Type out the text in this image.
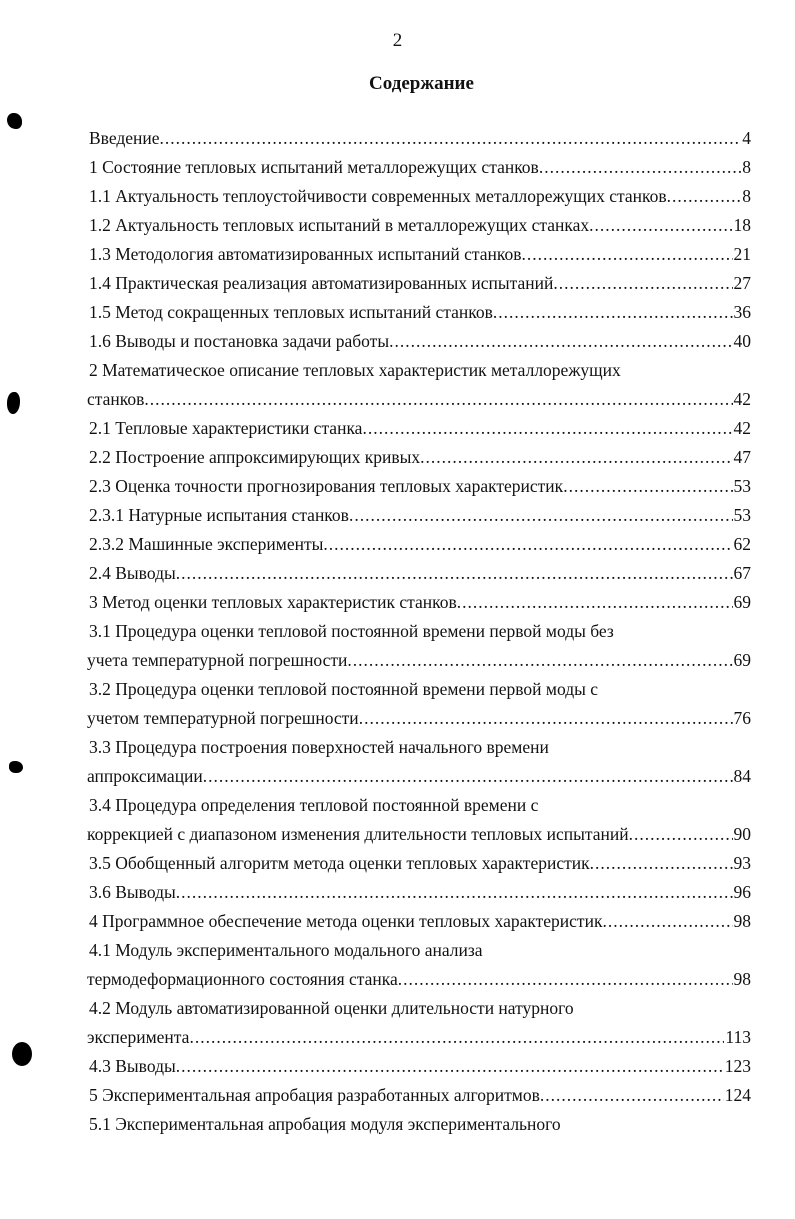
2
Содержание
Введение .....	4
1 Состояние тепловых испытаний металлорежущих станков .....	8
1.1 Актуальность теплоустойчивости современных металлорежущих станков .....	8
1.2 Актуальность тепловых испытаний в металлорежущих станках .....	18
1.3 Методология автоматизированных испытаний станков .....	21
1.4 Практическая реализация автоматизированных испытаний .....	27
1.5 Метод сокращенных тепловых испытаний станков .....	36
1.6 Выводы и постановка задачи работы .....	40
2 Математическое описание тепловых характеристик металлорежущих
станков .....	42
2.1 Тепловые характеристики станка .....	42
2.2 Построение аппроксимирующих кривых .....	47
2.3 Оценка точности прогнозирования тепловых характеристик .....	53
2.3.1 Натурные испытания станков .....	53
2.3.2 Машинные эксперименты .....	62
2.4 Выводы .....	67
3 Метод оценки тепловых характеристик станков .....	69
3.1 Процедура оценки тепловой постоянной времени первой моды без
учета температурной погрешности .....	69
3.2 Процедура оценки тепловой постоянной времени первой моды с
учетом температурной погрешности .....	76
3.3 Процедура построения поверхностей начального времени
аппроксимации .....	84
3.4 Процедура определения тепловой постоянной времени с
коррекцией с диапазоном изменения длительности тепловых испытаний .....	90
3.5 Обобщенный алгоритм метода оценки тепловых характеристик .....	93
3.6 Выводы .....	96
4 Программное обеспечение метода оценки тепловых характеристик .....	98
4.1 Модуль экспериментального модального анализа
термодеформационного состояния станка .....	98
4.2 Модуль автоматизированной оценки длительности натурного
эксперимента .....	113
4.3 Выводы .....	123
5 Экспериментальная апробация разработанных алгоритмов .....	124
5.1 Экспериментальная апробация модуля экспериментального
